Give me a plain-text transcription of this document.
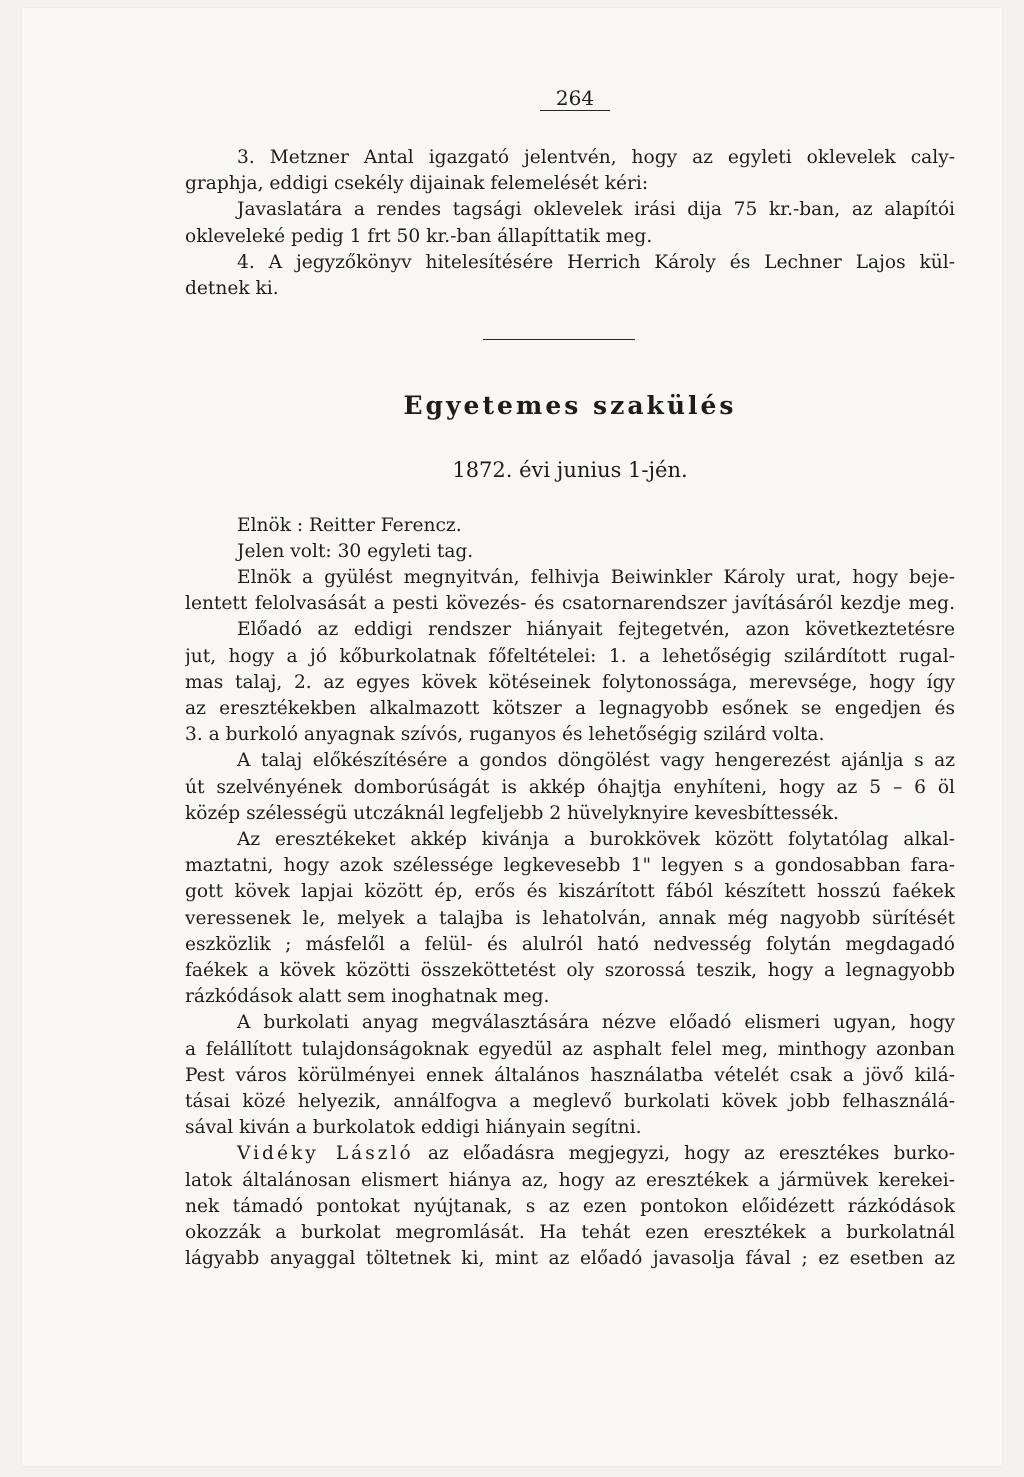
264
3. Metzner Antal igazgató jelentvén, hogy az egyleti oklevelek caly-
graphja, eddigi csekély dijainak felemelését kéri:
Javaslatára a rendes tagsági oklevelek irási dija 75 kr.-ban, az alapítói
okleveleké pedig 1 frt 50 kr.-ban állapíttatik meg.
4. A jegyzőkönyv hitelesítésére Herrich Károly és Lechner Lajos kül-
detnek ki.
Egyetemes szakülés
1872. évi junius 1-jén.
Elnök : Reitter Ferencz.
Jelen volt: 30 egyleti tag.
Elnök a gyülést megnyitván, felhivja Beiwinkler Károly urat, hogy beje-
lentett felolvasását a pesti kövezés- és csatornarendszer javításáról kezdje meg.
Előadó az eddigi rendszer hiányait fejtegetvén, azon következtetésre
jut, hogy a jó kőburkolatnak főfeltételei: 1. a lehetőségig szilárdított rugal-
mas talaj, 2. az egyes kövek kötéseinek folytonossága, merevsége, hogy így
az eresztékekben alkalmazott kötszer a legnagyobb esőnek se engedjen és
3. a burkoló anyagnak szívós, ruganyos és lehetőségig szilárd volta.
A talaj előkészítésére a gondos döngölést vagy hengerezést ajánlja s az
út szelvényének domborúságát is akkép óhajtja enyhíteni, hogy az 5 – 6 öl
közép szélességü utczáknál legfeljebb 2 hüvelyknyire kevesbíttessék.
Az eresztékeket akkép kivánja a burokkövek között folytatólag alkal-
maztatni, hogy azok szélessége legkevesebb 1" legyen s a gondosabban fara-
gott kövek lapjai között ép, erős és kiszárított fából készített hosszú faékek
veressenek le, melyek a talajba is lehatolván, annak még nagyobb sürítését
eszközlik ; másfelől a felül- és alulról ható nedvesség folytán megdagadó
faékek a kövek közötti összeköttetést oly szorossá teszik, hogy a legnagyobb
rázkódások alatt sem inoghatnak meg.
A burkolati anyag megválasztására nézve előadó elismeri ugyan, hogy
a felállított tulajdonságoknak egyedül az asphalt felel meg, minthogy azonban
Pest város körülményei ennek általános használatba vételét csak a jövő kilá-
tásai közé helyezik, annálfogva a meglevő burkolati kövek jobb felhasználá-
sával kiván a burkolatok eddigi hiányain segítni.
Vidéky László az előadásra megjegyzi, hogy az eresztékes burko-
latok általánosan elismert hiánya az, hogy az eresztékek a jármüvek kerekei-
nek támadó pontokat nyújtanak, s az ezen pontokon előidézett rázkódások
okozzák a burkolat megromlását. Ha tehát ezen eresztékek a burkolatnál
lágyabb anyaggal töltetnek ki, mint az előadó javasolja fával ; ez esetben az
